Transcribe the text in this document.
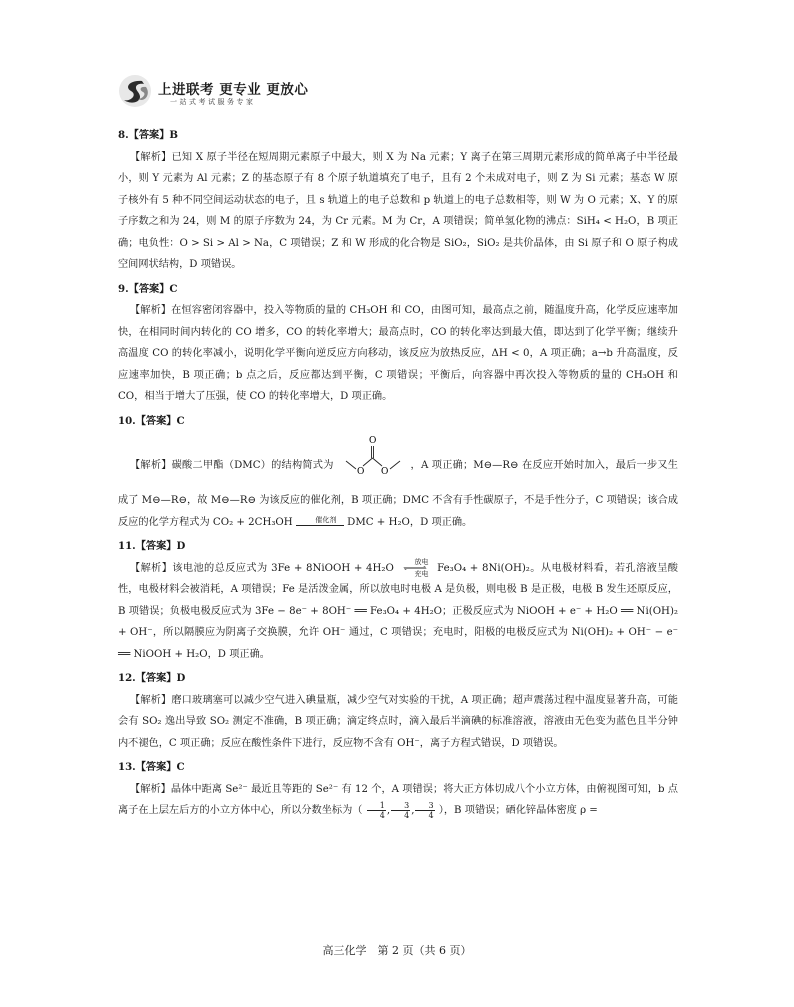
上进联考 更专业 更放心
一站式考试服务专家
8.【答案】B

【解析】已知 X 原子半径在短周期元素原子中最大，则 X 为 Na 元素；Y 离子在第三周期元素形成的简单离子中半径最小，则 Y 元素为 Al 元素；Z 的基态原子有 8 个原子轨道填充了电子，且有 2 个未成对电子，则 Z 为 Si 元素；基态 W 原子核外有 5 种不同空间运动状态的电子，且 s 轨道上的电子总数和 p 轨道上的电子总数相等，则 W 为 O 元素；X、Y 的原子序数之和为 24，则 M 的原子序数为 24，为 Cr 元素。M 为 Cr，A 项错误；简单氢化物的沸点：SiH₄ < H₂O，B 项正确；电负性：O > Si > Al > Na，C 项错误；Z 和 W 形成的化合物是 SiO₂，SiO₂ 是共价晶体，由 Si 原子和 O 原子构成空间网状结构，D 项错误。

9.【答案】C

【解析】在恒容密闭容器中，投入等物质的量的 CH₃OH 和 CO，由图可知，最高点之前，随温度升高，化学反应速率加快，在相同时间内转化的 CO 增多，CO 的转化率增大；最高点时，CO 的转化率达到最大值，即达到了化学平衡；继续升高温度 CO 的转化率减小，说明化学平衡向逆反应方向移动，该反应为放热反应，ΔH < 0，A 项正确；a→b 升高温度，反应速率加快，B 项正确；b 点之后，反应都达到平衡，C 项错误；平衡后，向容器中再次投入等物质的量的 CH₃OH 和 CO，相当于增大了压强，使 CO 的转化率增大，D 项正确。

10.【答案】C

【解析】碳酸二甲酯（DMC）的结构简式为
O
O O
，A 项正确；M⊖—R⊖ 在反应开始时加入，最后一步又生成了 M⊖—R⊖，故 M⊖—R⊖ 为该反应的催化剂，B 项正确；DMC 不含有手性碳原子，不是手性分子，C 项错误；该合成反应的化学方程式为 CO₂ + 2CH₃OH	催化剂 DMC + H₂O，D 项正确。

11.【答案】D

【解析】该电池的总反应式为 3Fe + 8NiOOH + 4H₂O
放电
充电 Fe₃O₄ + 8Ni(OH)₂。从电极材料看，若孔溶液呈酸性，电极材料会被消耗，A 项错误；Fe 是活泼金属，所以放电时电极 A 是负极，则电极 B 是正极，电极 B 发生还原反应，B 项错误；负极电极反应式为 3Fe − 8e⁻ + 8OH⁻ ══ Fe₃O₄ + 4H₂O；正极反应式为 NiOOH + e⁻ + H₂O ══ Ni(OH)₂ + OH⁻，所以隔膜应为阴离子交换膜，允许 OH⁻ 通过，C 项错误；充电时，阳极的电极反应式为 Ni(OH)₂ + OH⁻ − e⁻ ══ NiOOH + H₂O，D 项正确。

12.【答案】D

【解析】磨口玻璃塞可以减少空气进入碘量瓶，减少空气对实验的干扰，A 项正确；超声震荡过程中温度显著升高，可能会有 SO₂ 逸出导致 SO₂ 测定不准确，B 项正确；滴定终点时，滴入最后半滴碘的标准溶液，溶液由无色变为蓝色且半分钟内不褪色，C 项正确；反应在酸性条件下进行，反应物不含有 OH⁻，离子方程式错误，D 项错误。

13.【答案】C

【解析】晶体中距离 Se²⁻ 最近且等距的 Se²⁻ 有 12 个，A 项错误；将大正方体切成八个小立方体，由俯视图可知，b 点离子在上层左后方的小立方体中心，所以分数坐标为（ $\frac{1}{4}$ , $\frac{3}{4}$ , $\frac{3}{4}$ ），B 项错误；硒化锌晶体密度 ρ =

高三化学　第 2 页（共 6 页）
